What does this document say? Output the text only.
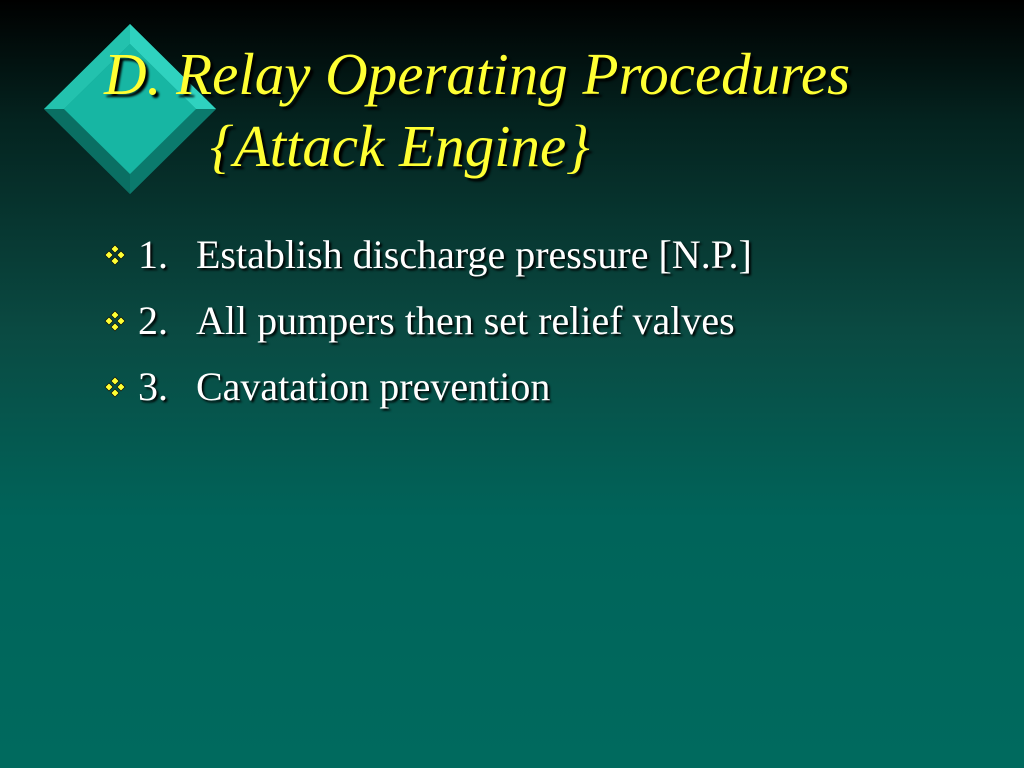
D. Relay Operating Procedures
{Attack Engine}
1. Establish discharge pressure [N.P.]
2. All pumpers then set relief valves
3. Cavatation prevention
